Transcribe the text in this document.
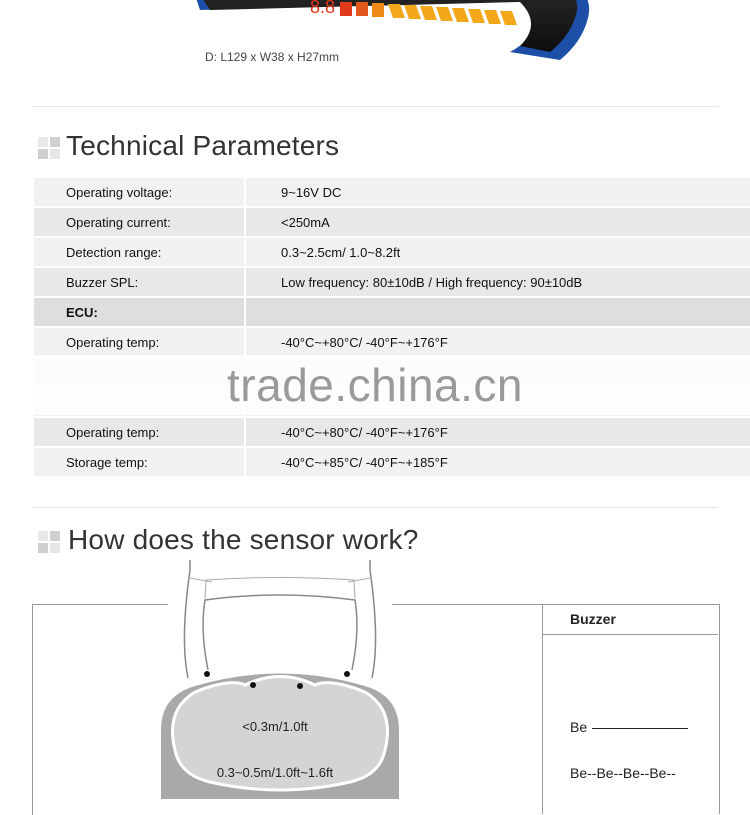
8.8
D: L129 x W38 x H27mm
Technical Parameters
Operating voltage:	9~16V DC
Operating current:	<250mA
Detection range:	0.3~2.5cm/ 1.0~8.2ft
Buzzer SPL:	Low frequency: 80±10dB / High frequency: 90±10dB
ECU:	
Operating temp:	-40°C~+80°C/ -40°F~+176°F

Operating temp:	-40°C~+80°C/ -40°F~+176°F
Storage temp:	-40°C~+85°C/ -40°F~+185°F
trade.china.cn
How does the sensor work?
<0.3m/1.0ft
0.3~0.5m/1.0ft~1.6ft
Buzzer
Be
Be--Be--Be--Be--
